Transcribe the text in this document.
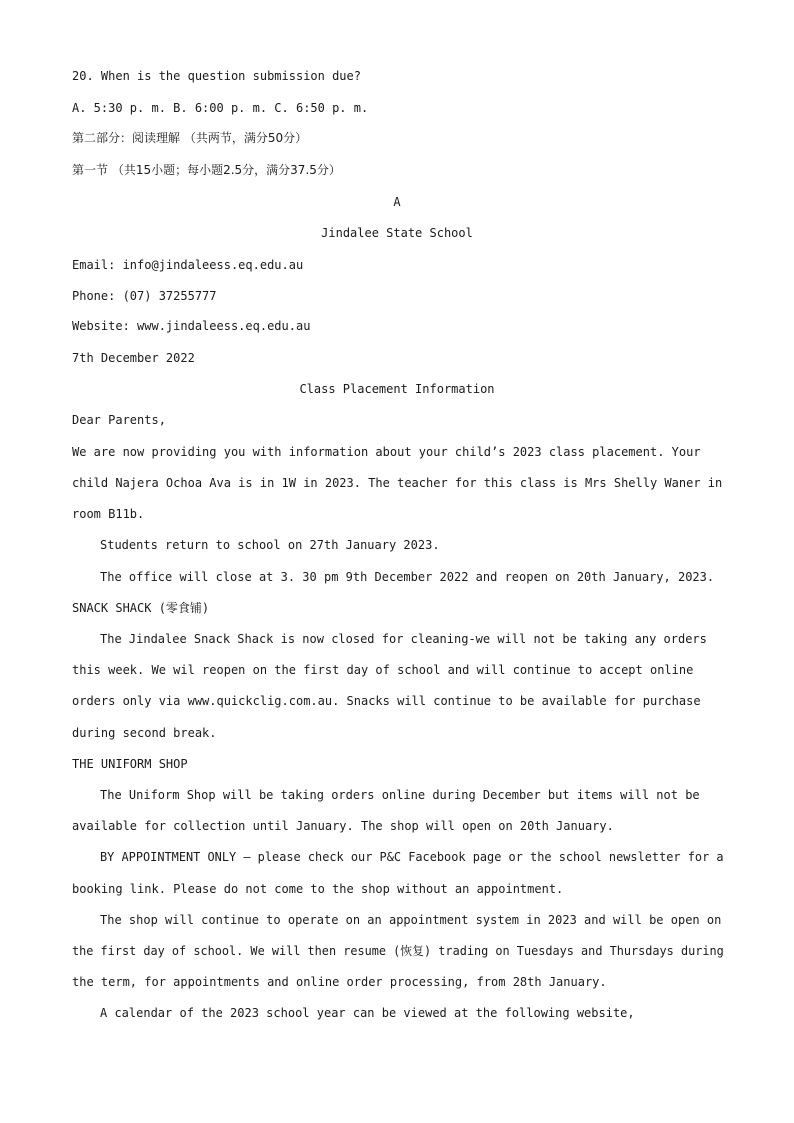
20. When is the question submission due?
A. 5:30 p. m. B. 6:00 p. m. C. 6:50 p. m.
第二部分：阅读理解 （共两节，满分50分）
第一节 （共15小题；每小题2.5分，满分37.5分）
A
Jindalee State School
Email: info@jindaleess.eq.edu.au
Phone: (07) 37255777
Website: www.jindaleess.eq.edu.au
7th December 2022
Class Placement Information
Dear Parents,
We are now providing you with information about your child’s 2023 class placement. Your
child Najera Ochoa Ava is in 1W in 2023. The teacher for this class is Mrs Shelly Waner in
room B11b.
Students return to school on 27th January 2023.
The office will close at 3. 30 pm 9th December 2022 and reopen on 20th January, 2023.
SNACK SHACK (零食铺)
The Jindalee Snack Shack is now closed for cleaning-we will not be taking any orders
this week. We wil reopen on the first day of school and will continue to accept online
orders only via www.quickclig.com.au. Snacks will continue to be available for purchase
during second break.
THE UNIFORM SHOP
The Uniform Shop will be taking orders online during December but items will not be
available for collection until January. The shop will open on 20th January.
BY APPOINTMENT ONLY — please check our P&C Facebook page or the school newsletter for a
booking link. Please do not come to the shop without an appointment.
The shop will continue to operate on an appointment system in 2023 and will be open on
the first day of school. We will then resume (恢复) trading on Tuesdays and Thursdays during
the term, for appointments and online order processing, from 28th January.
A calendar of the 2023 school year can be viewed at the following website,
